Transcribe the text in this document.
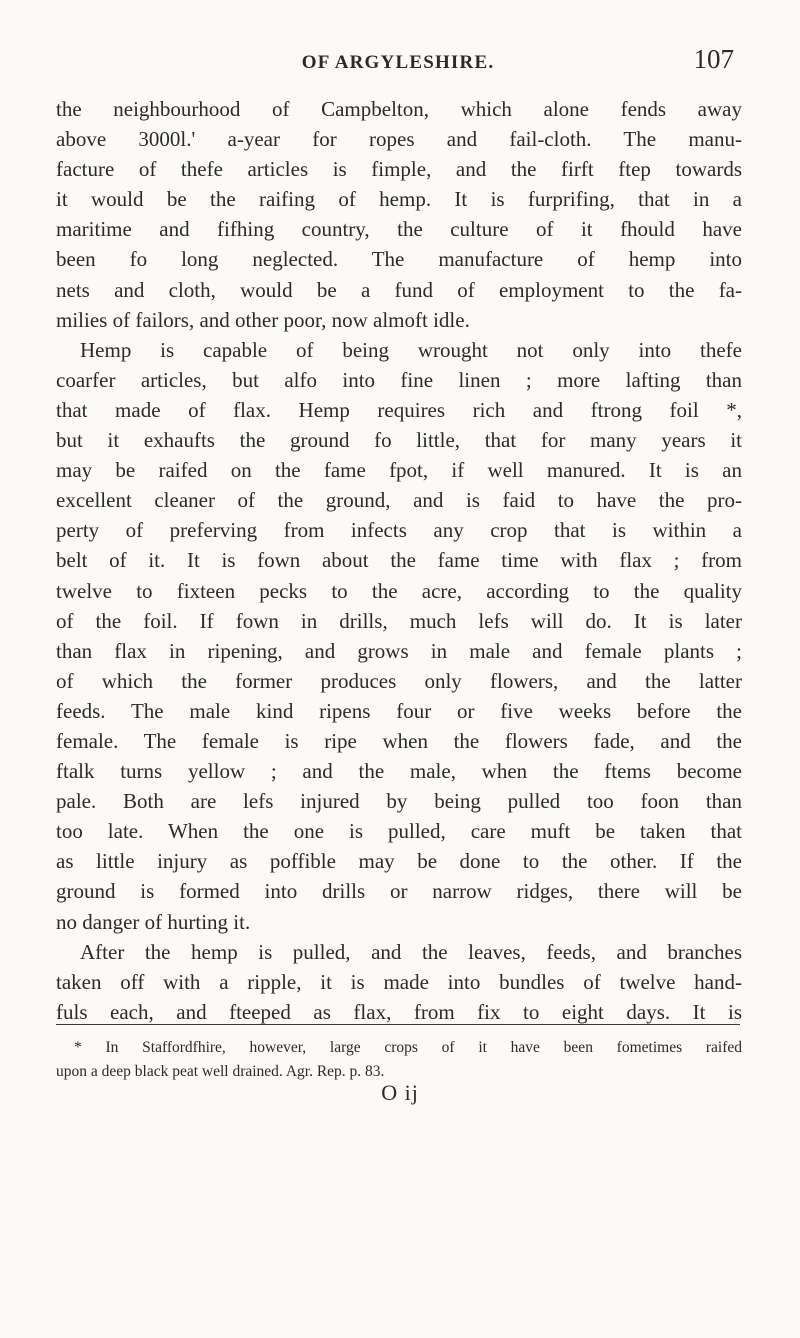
OF ARGYLESHIRE.	107
the neighbourhood of Campbelton, which alone fends away
above 3000l.' a-year for ropes and fail-cloth. The manu-
facture of thefe articles is fimple, and the firft ftep towards
it would be the raifing of hemp. It is furprifing, that in a
maritime and fifhing country, the culture of it fhould have
been fo long neglected. The manufacture of hemp into
nets and cloth, would be a fund of employment to the fa-
milies of failors, and other poor, now almoft idle.
Hemp is capable of being wrought not only into thefe
coarfer articles, but alfo into fine linen ; more lafting than
that made of flax. Hemp requires rich and ftrong foil *,
but it exhaufts the ground fo little, that for many years it
may be raifed on the fame fpot, if well manured. It is an
excellent cleaner of the ground, and is faid to have the pro-
perty of preferving from infects any crop that is within a
belt of it. It is fown about the fame time with flax ; from
twelve to fixteen pecks to the acre, according to the quality
of the foil. If fown in drills, much lefs will do. It is later
than flax in ripening, and grows in male and female plants ;
of which the former produces only flowers, and the latter
feeds. The male kind ripens four or five weeks before the
female. The female is ripe when the flowers fade, and the
ftalk turns yellow ; and the male, when the ftems become
pale. Both are lefs injured by being pulled too foon than
too late. When the one is pulled, care muft be taken that
as little injury as poffible may be done to the other. If the
ground is formed into drills or narrow ridges, there will be
no danger of hurting it.
After the hemp is pulled, and the leaves, feeds, and branches
taken off with a ripple, it is made into bundles of twelve hand-
fuls each, and fteeped as flax, from fix to eight days. It is
* In Staffordfhire, however, large crops of it have been fometimes raifed
upon a deep black peat well drained. Agr. Rep. p. 83.
O ij
